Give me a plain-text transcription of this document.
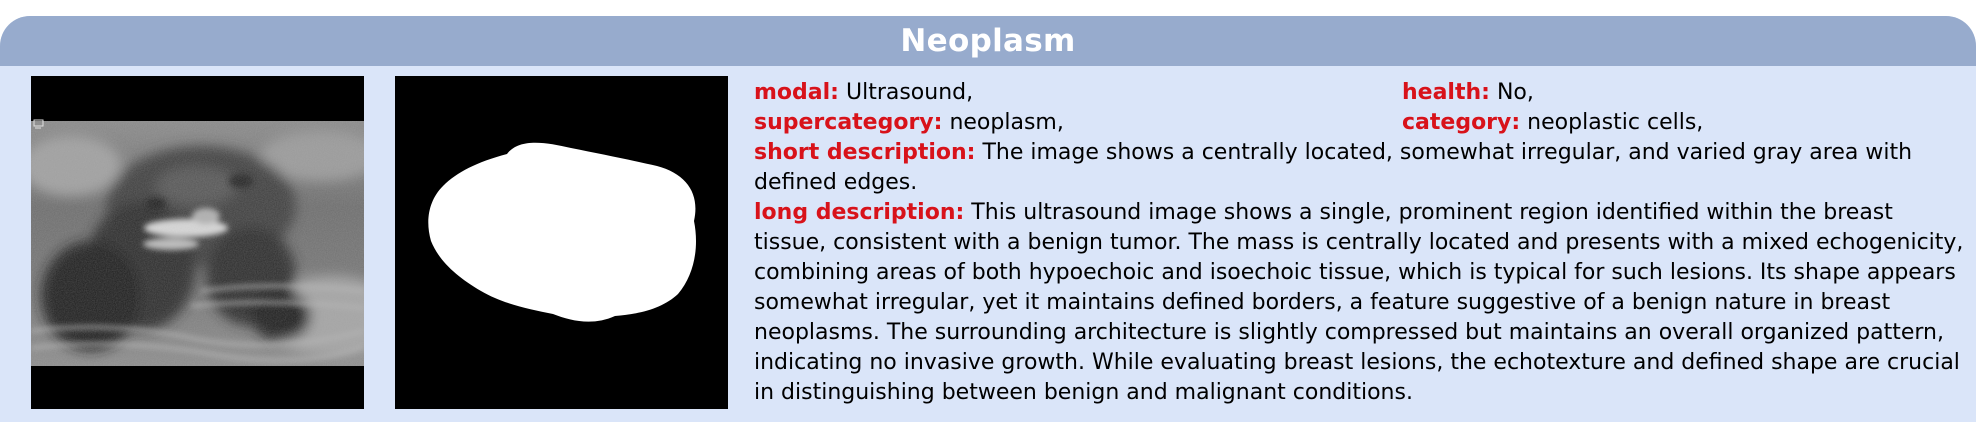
Neoplasm
modal: Ultrasound,	health: No,
supercategory: neoplasm,	category: neoplastic cells,

short description: The image shows a centrally located, somewhat irregular, and varied gray area with defined edges.

long description: This ultrasound image shows a single, prominent region identified within the breast tissue, consistent with a benign tumor. The mass is centrally located and presents with a mixed echogenicity, combining areas of both hypoechoic and isoechoic tissue, which is typical for such lesions. Its shape appears somewhat irregular, yet it maintains defined borders, a feature suggestive of a benign nature in breast neoplasms. The surrounding architecture is slightly compressed but maintains an overall organized pattern, indicating no invasive growth. While evaluating breast lesions, the echotexture and defined shape are crucial in distinguishing between benign and malignant conditions.
